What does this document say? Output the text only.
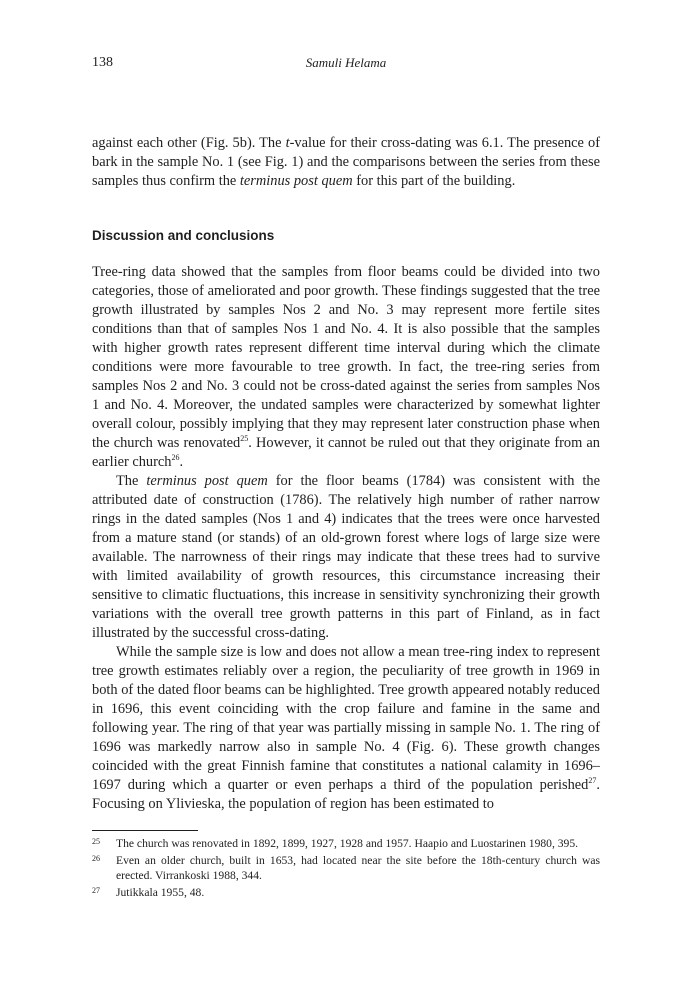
138	Samuli Helama

against each other (Fig. 5b). The t-value for their cross-dating was 6.1. The presence of bark in the sample No. 1 (see Fig. 1) and the comparisons between the series from these samples thus confirm the terminus post quem for this part of the building.

Discussion and conclusions

Tree-ring data showed that the samples from floor beams could be divided into two categories, those of ameliorated and poor growth. These findings suggested that the tree growth illustrated by samples Nos 2 and No. 3 may represent more fertile sites conditions than that of samples Nos 1 and No. 4. It is also possible that the samples with higher growth rates represent different time interval during which the climate conditions were more favourable to tree growth. In fact, the tree-ring series from samples Nos 2 and No. 3 could not be cross-dated against the series from samples Nos 1 and No. 4. Moreover, the undated samples were characterized by somewhat lighter overall colour, possibly implying that they may represent later construction phase when the church was renovated$^{25}$. However, it cannot be ruled out that they originate from an earlier church$^{26}$.

The terminus post quem for the floor beams (1784) was consistent with the attributed date of construction (1786). The relatively high number of rather narrow rings in the dated samples (Nos 1 and 4) indicates that the trees were once harvested from a mature stand (or stands) of an old-grown forest where logs of large size were available. The narrowness of their rings may indicate that these trees had to survive with limited availability of growth resources, this circumstance increasing their sensitive to climatic fluctuations, this increase in sensitivity synchronizing their growth variations with the overall tree growth patterns in this part of Finland, as in fact illustrated by the successful cross-dating.

While the sample size is low and does not allow a mean tree-ring index to represent tree growth estimates reliably over a region, the peculiarity of tree growth in 1969 in both of the dated floor beams can be highlighted. Tree growth appeared notably reduced in 1696, this event coinciding with the crop failure and famine in the same and following year. The ring of that year was partially missing in sample No. 1. The ring of 1696 was markedly narrow also in sample No. 4 (Fig. 6). These growth changes coincided with the great Finnish famine that constitutes a national calamity in 1696–1697 during which a quarter or even perhaps a third of the population perished$^{27}$. Focusing on Ylivieska, the population of region has been estimated to

25 The church was renovated in 1892, 1899, 1927, 1928 and 1957. Haapio and Luostarinen 1980, 395.
26 Even an older church, built in 1653, had located near the site before the 18th-century church was erected. Virrankoski 1988, 344.
27 Jutikkala 1955, 48.
